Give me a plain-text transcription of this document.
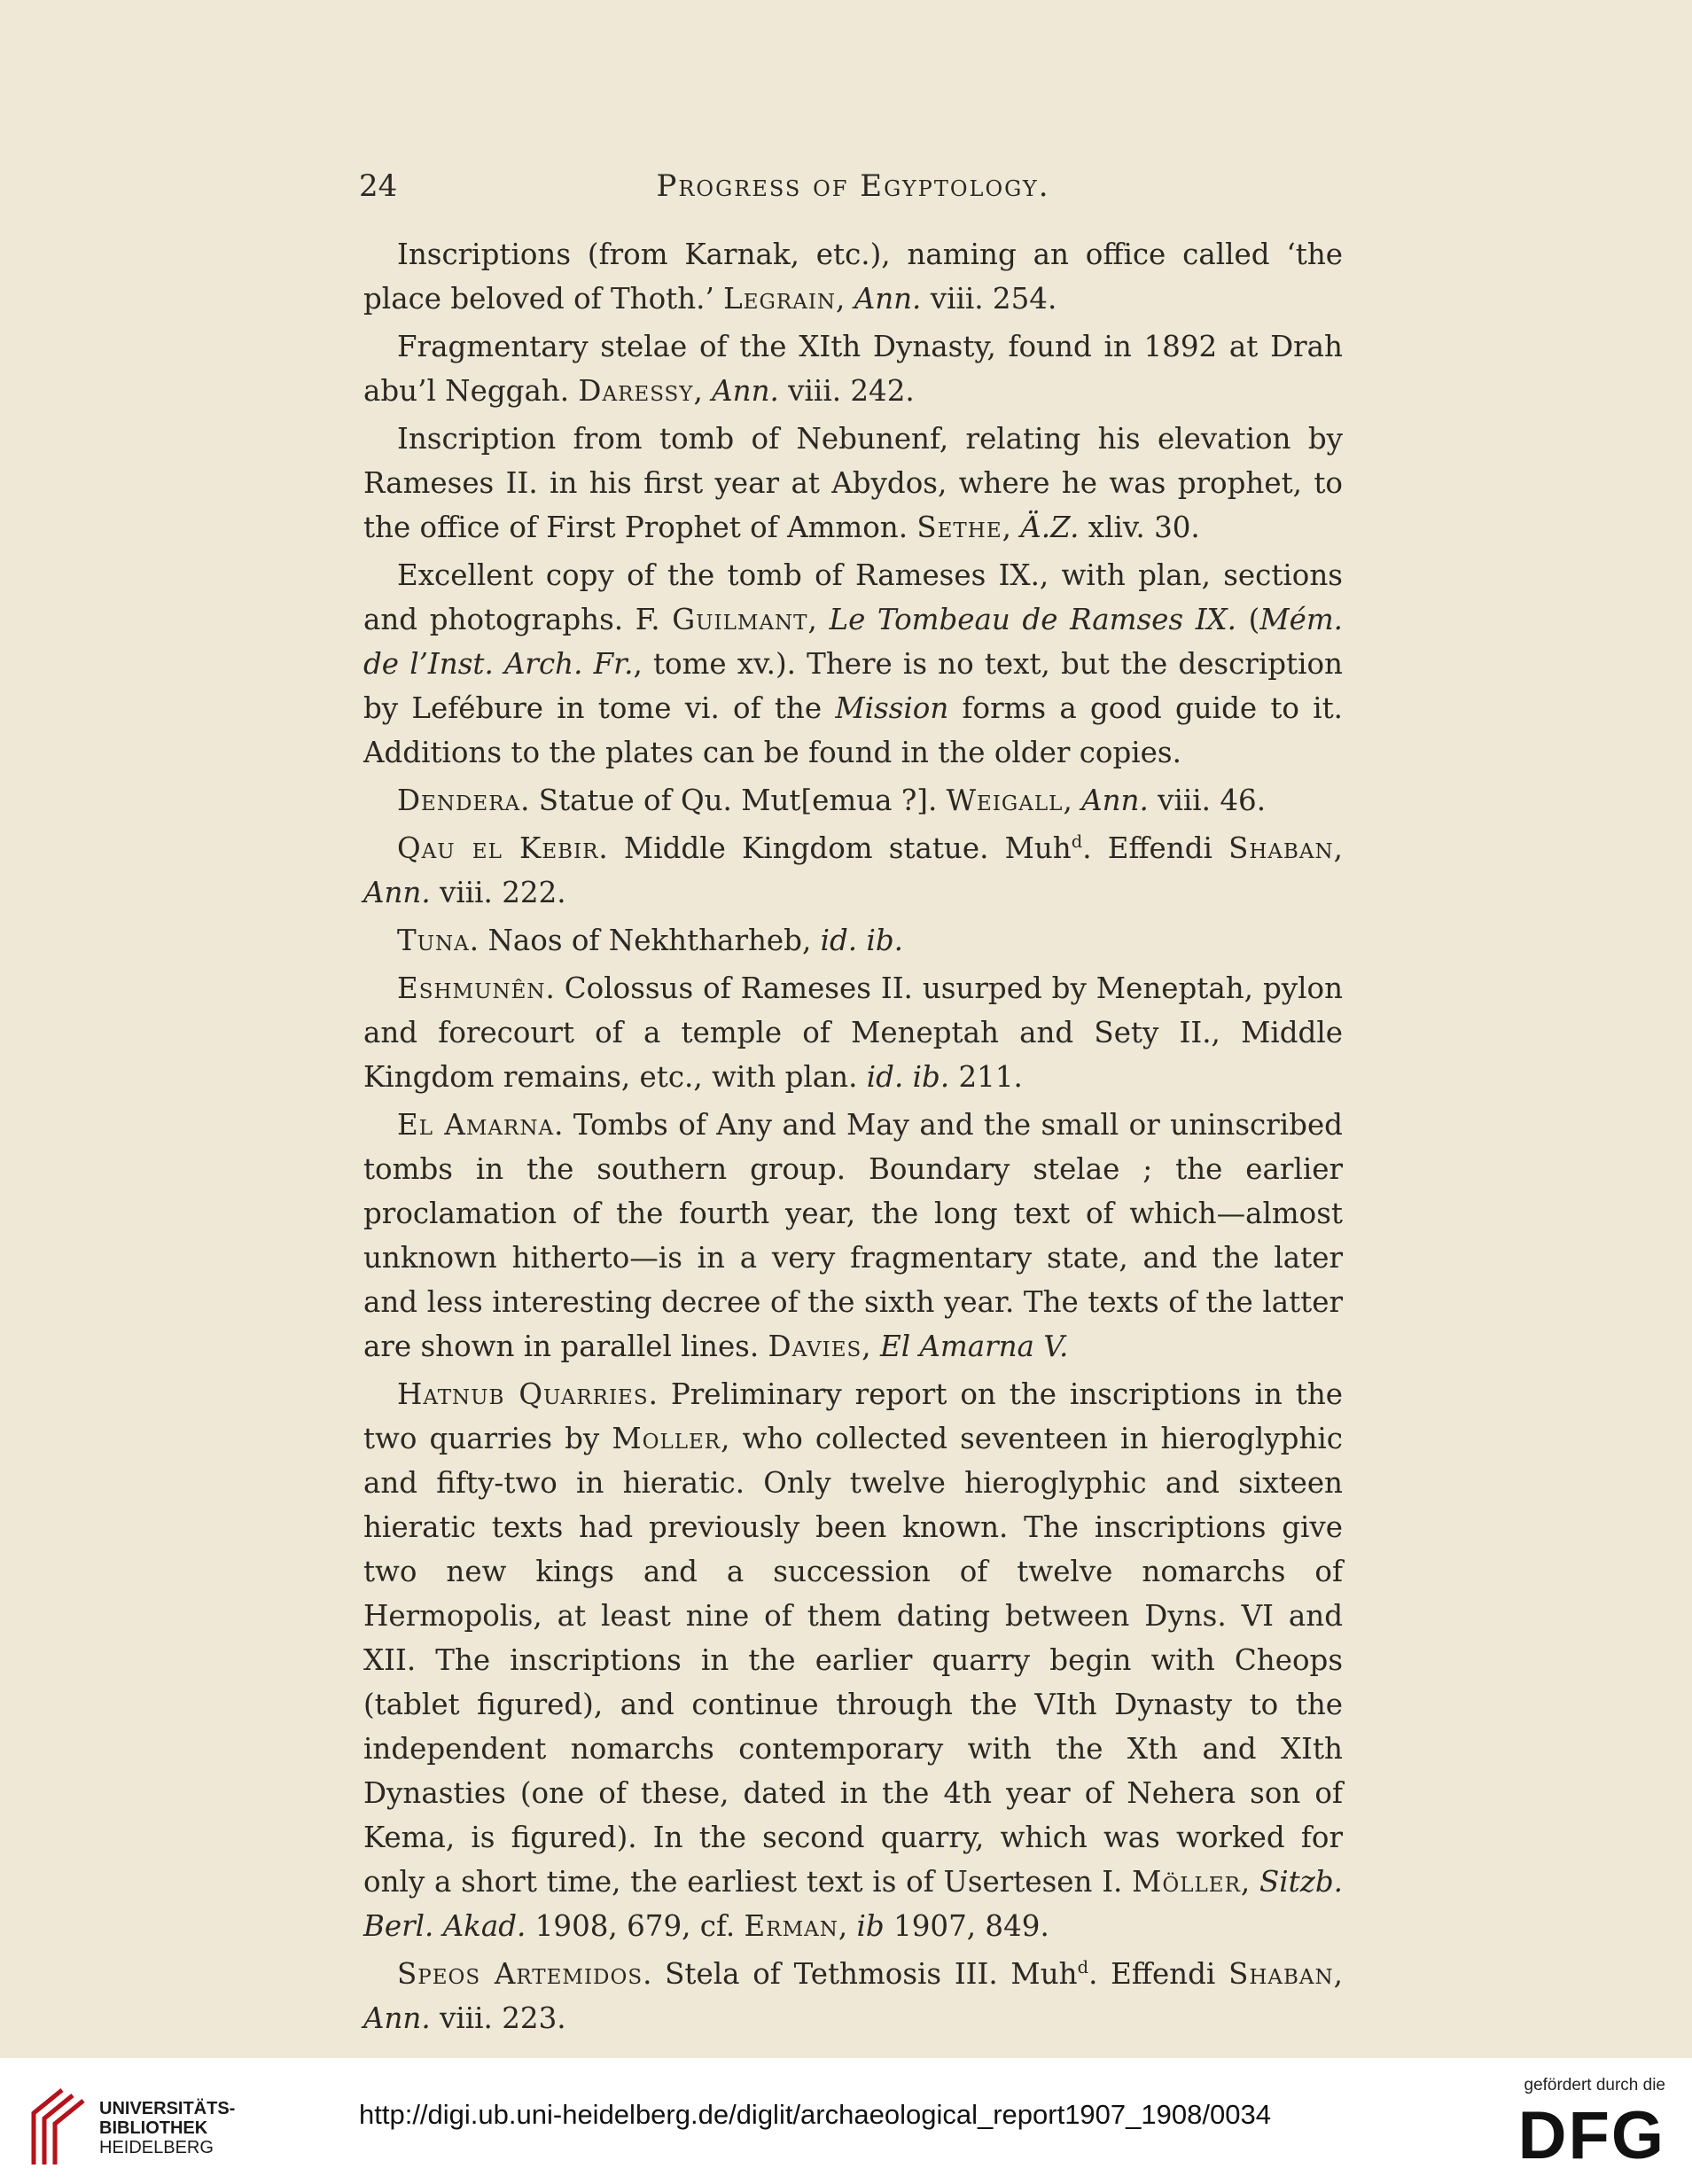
24	Progress of Egyptology.

Inscriptions (from Karnak, etc.), naming an office called ‘the place beloved of Thoth.’ Legrain, Ann. viii. 254.

Fragmentary stelae of the XIth Dynasty, found in 1892 at Drah abu’l Neggah. Daressy, Ann. viii. 242.

Inscription from tomb of Nebunenf, relating his elevation by Rameses II. in his first year at Abydos, where he was prophet, to the office of First Prophet of Ammon. Sethe, Ä.Z. xliv. 30.

Excellent copy of the tomb of Rameses IX., with plan, sections and photographs. F. Guilmant, Le Tombeau de Ramses IX. (Mém. de l’Inst. Arch. Fr., tome xv.). There is no text, but the description by Lefébure in tome vi. of the Mission forms a good guide to it. Additions to the plates can be found in the older copies.

Dendera. Statue of Qu. Mut[emua ?]. Weigall, Ann. viii. 46.

Qau el Kebir. Middle Kingdom statue. Muh$^d$. Effendi Shaban, Ann. viii. 222.

Tuna. Naos of Nekhtharheb, id. ib.

Eshmunên. Colossus of Rameses II. usurped by Meneptah, pylon and forecourt of a temple of Meneptah and Sety II., Middle Kingdom remains, etc., with plan. id. ib. 211.

El Amarna. Tombs of Any and May and the small or uninscribed tombs in the southern group. Boundary stelae ; the earlier proclamation of the fourth year, the long text of which—almost unknown hitherto—is in a very fragmentary state, and the later and less interesting decree of the sixth year. The texts of the latter are shown in parallel lines. Davies, El Amarna V.

Hatnub Quarries. Preliminary report on the inscriptions in the two quarries by Moller, who collected seventeen in hieroglyphic and fifty-two in hieratic. Only twelve hieroglyphic and sixteen hieratic texts had previously been known. The inscriptions give two new kings and a succession of twelve nomarchs of Hermopolis, at least nine of them dating between Dyns. VI and XII. The inscriptions in the earlier quarry begin with Cheops (tablet figured), and continue through the VIth Dynasty to the independent nomarchs contemporary with the Xth and XIth Dynasties (one of these, dated in the 4th year of Nehera son of Kema, is figured). In the second quarry, which was worked for only a short time, the earliest text is of Usertesen I. Möller, Sitzb. Berl. Akad. 1908, 679, cf. Erman, ib 1907, 849.

Speos Artemidos. Stela of Tethmosis III. Muh$^d$. Effendi Shaban, Ann. viii. 223.

UNIVERSITÄTS-
BIBLIOTHEK
HEIDELBERG
http://digi.ub.uni-heidelberg.de/diglit/archaeological_report1907_1908/0034
gefördert durch die
DFG
